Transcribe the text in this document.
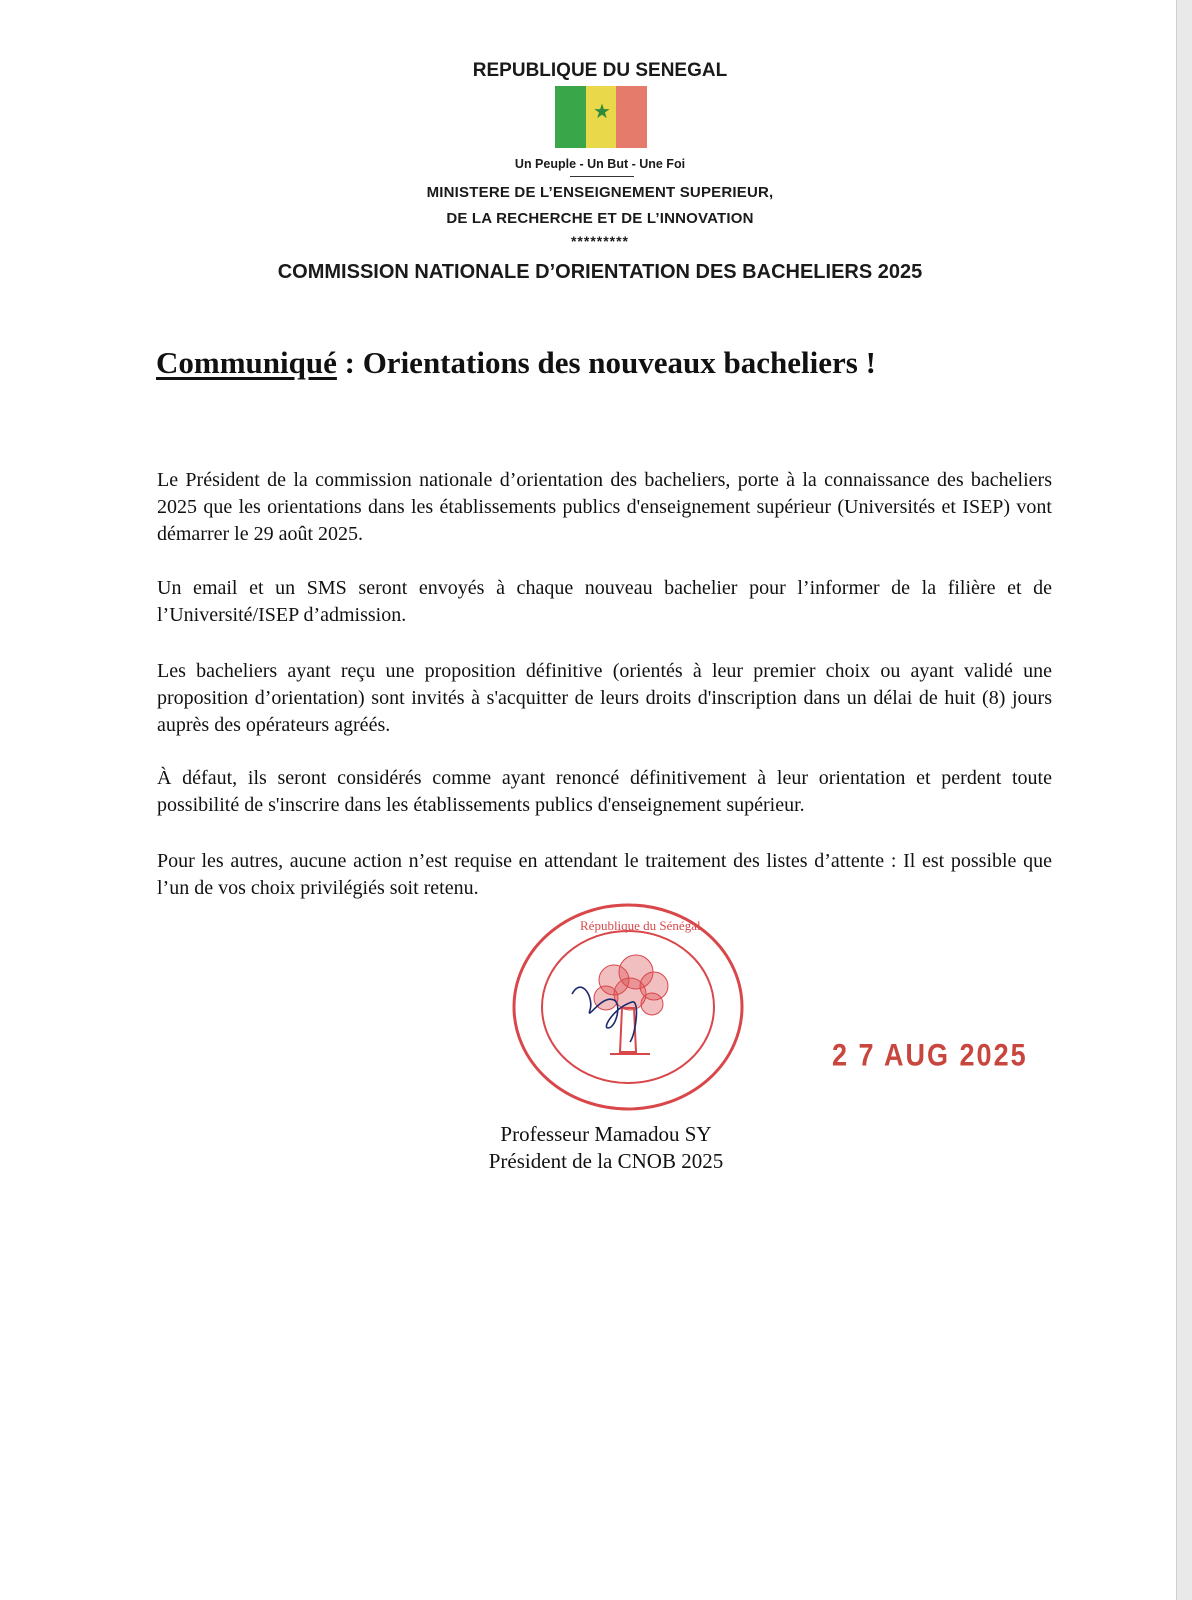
REPUBLIQUE DU SENEGAL
★
Un Peuple - Un But - Une Foi
MINISTERE DE L’ENSEIGNEMENT SUPERIEUR,
DE LA RECHERCHE ET DE L’INNOVATION
*********
COMMISSION NATIONALE D’ORIENTATION DES BACHELIERS 2025
Communiqué : Orientations des nouveaux bacheliers !
Le Président de la commission nationale d’orientation des bacheliers, porte à la connaissance des bacheliers 2025 que les orientations dans les établissements publics d'enseignement supérieur (Universités et ISEP) vont démarrer le 29 août 2025.
Un email et un SMS seront envoyés à chaque nouveau bachelier pour l’informer de la filière et de l’Université/ISEP d’admission.
Les bacheliers ayant reçu une proposition définitive (orientés à leur premier choix ou ayant validé une proposition d’orientation) sont invités à s'acquitter de leurs droits d'inscription dans un délai de huit (8) jours auprès des opérateurs agréés.
À défaut, ils seront considérés comme ayant renoncé définitivement à leur orientation et perdent toute possibilité de s'inscrire dans les établissements publics d'enseignement supérieur.
Pour les autres, aucune action n’est requise en attendant le traitement des listes d’attente : Il est possible que l’un de vos choix privilégiés soit retenu.
République du Sénégal
2 7 AUG 2025
Professeur Mamadou SY
Président de la CNOB 2025
